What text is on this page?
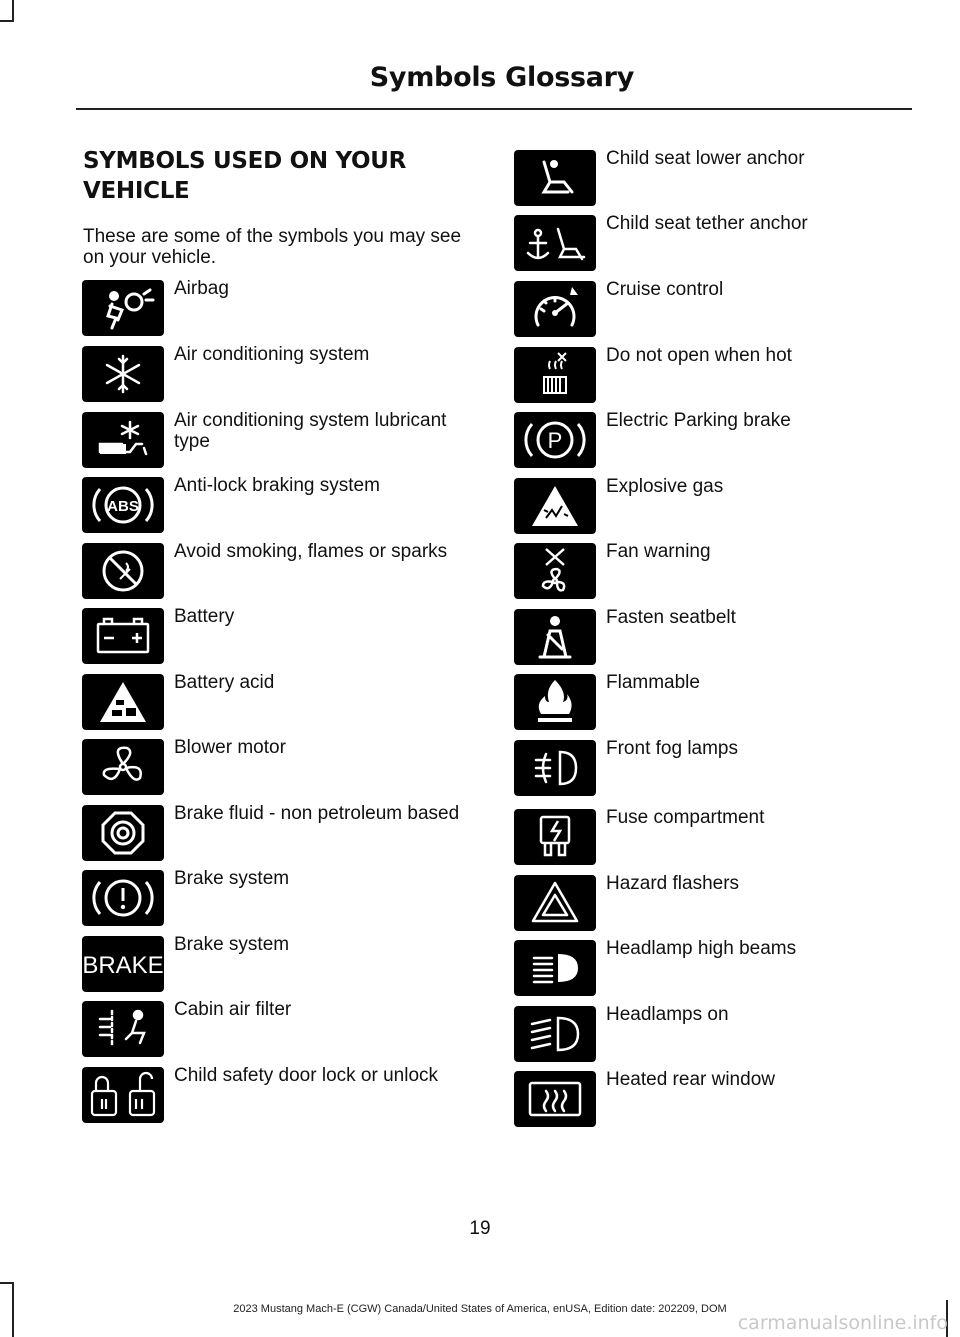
Symbols Glossary
SYMBOLS USED ON YOUR
VEHICLE
These are some of the symbols you may see on your vehicle.
Airbag
Air conditioning system
Air conditioning system lubricant type
ABS
Anti-lock braking system
Avoid smoking, flames or sparks
Battery
Battery acid
Blower motor
Brake fluid - non petroleum based
Brake system
BRAKE
Brake system
Cabin air filter
Child safety door lock or unlock
Child seat lower anchor
Child seat tether anchor
Cruise control
Do not open when hot
P
Electric Parking brake
Explosive gas
Fan warning
Fasten seatbelt
Flammable
Front fog lamps
Fuse compartment
Hazard flashers
Headlamp high beams
Headlamps on
Heated rear window
19
2023 Mustang Mach-E (CGW) Canada/United States of America, enUSA, Edition date: 202209, DOM
carmanualsonline.info
